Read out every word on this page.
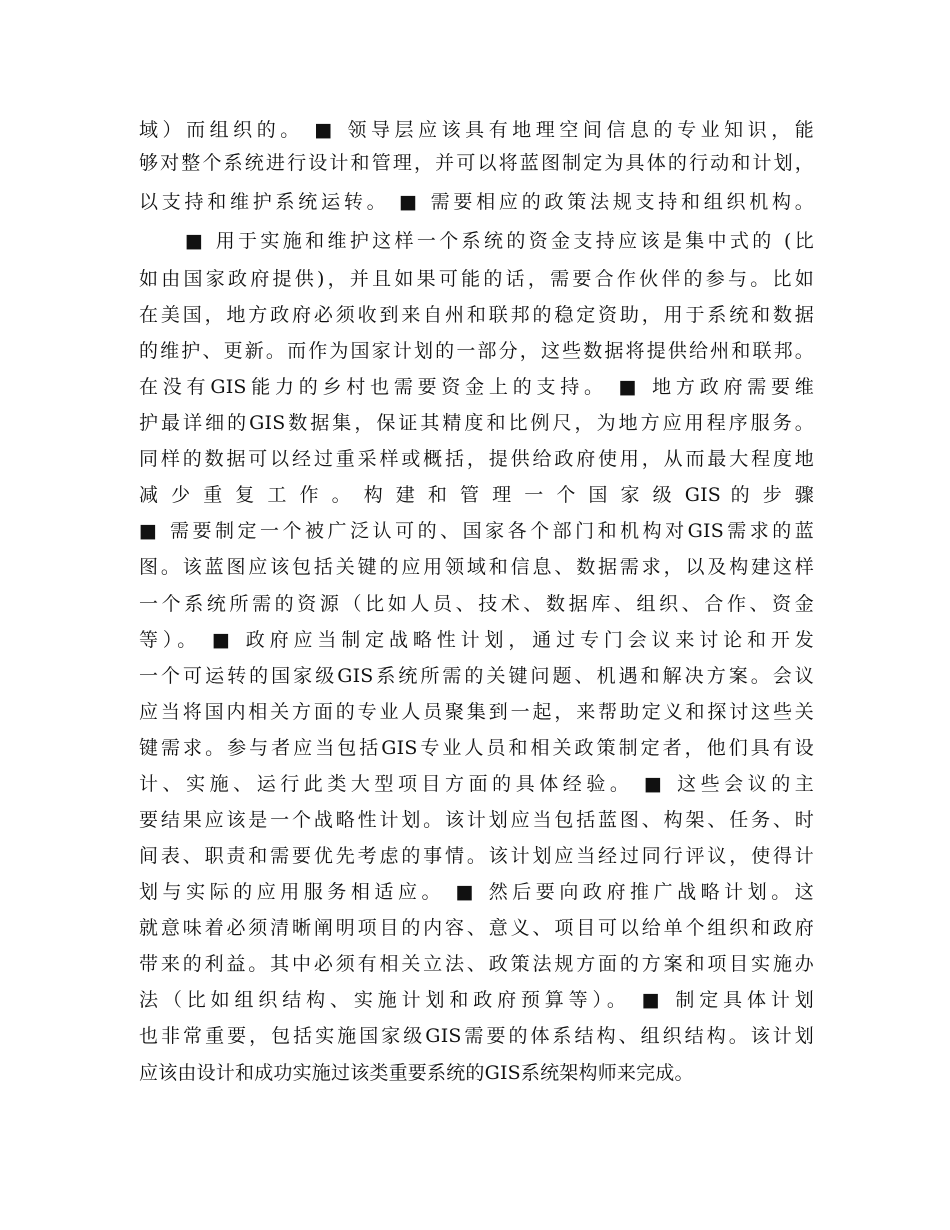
域）而组织的。 ■ 领导层应该具有地理空间信息的专业知识，能
够对整个系统进行设计和管理，并可以将蓝图制定为具体的行动和计划，
以支持和维护系统运转。 ■ 需要相应的政策法规支持和组织机构。
■ 用于实施和维护这样一个系统的资金支持应该是集中式的 (比
如由国家政府提供)，并且如果可能的话，需要合作伙伴的参与。比如
在美国，地方政府必须收到来自州和联邦的稳定资助，用于系统和数据
的维护、更新。而作为国家计划的一部分，这些数据将提供给州和联邦。
在没有GIS能力的乡村也需要资金上的支持。 ■ 地方政府需要维
护最详细的GIS数据集，保证其精度和比例尺，为地方应用程序服务。
同样的数据可以经过重采样或概括，提供给政府使用，从而最大程度地
减 少 重 复 工 作 。 构 建 和 管 理 一 个 国 家 级 GIS 的 步 骤
■ 需要制定一个被广泛认可的、国家各个部门和机构对GIS需求的蓝
图。该蓝图应该包括关键的应用领域和信息、数据需求，以及构建这样
一个系统所需的资源（比如人员、技术、数据库、组织、合作、资金
等）。 ■ 政府应当制定战略性计划，通过专门会议来讨论和开发
一个可运转的国家级GIS系统所需的关键问题、机遇和解决方案。会议
应当将国内相关方面的专业人员聚集到一起，来帮助定义和探讨这些关
键需求。参与者应当包括GIS专业人员和相关政策制定者，他们具有设
计、实施、运行此类大型项目方面的具体经验。 ■ 这些会议的主
要结果应该是一个战略性计划。该计划应当包括蓝图、构架、任务、时
间表、职责和需要优先考虑的事情。该计划应当经过同行评议，使得计
划与实际的应用服务相适应。 ■ 然后要向政府推广战略计划。这
就意味着必须清晰阐明项目的内容、意义、项目可以给单个组织和政府
带来的利益。其中必须有相关立法、政策法规方面的方案和项目实施办
法（比如组织结构、实施计划和政府预算等）。 ■ 制定具体计划
也非常重要，包括实施国家级GIS需要的体系结构、组织结构。该计划
应该由设计和成功实施过该类重要系统的GIS系统架构师来完成。
